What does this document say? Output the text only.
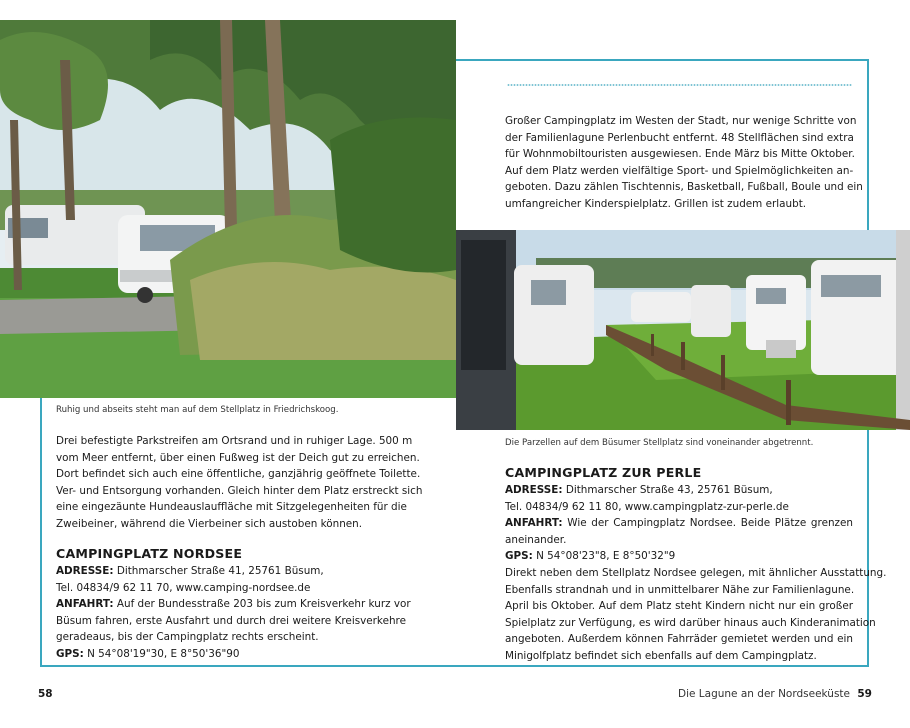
Ruhig und abseits steht man auf dem Stellplatz in Friedrichskoog.
Die Parzellen auf dem Büsumer Stellplatz sind voneinander abgetrennt.
Großer Campingplatz im Westen der Stadt, nur wenige Schritte von
der Familienlagune Perlenbucht entfernt. 48 Stellflächen sind extra
für Wohnmobiltouristen ausgewiesen. Ende März bis Mitte Oktober.
Auf dem Platz werden vielfältige Sport- und Spielmöglichkeiten an-
geboten. Dazu zählen Tischtennis, Basketball, Fußball, Boule und ein
umfangreicher Kinderspielplatz. Grillen ist zudem erlaubt.
Drei befestigte Parkstreifen am Ortsrand und in ruhiger Lage. 500 m
vom Meer entfernt, über einen Fußweg ist der Deich gut zu erreichen.
Dort befindet sich auch eine öffentliche, ganzjährig geöffnete Toilette.
Ver- und Entsorgung vorhanden. Gleich hinter dem Platz erstreckt sich
eine eingezäunte Hundeauslauffläche mit Sitzgelegenheiten für die
Zweibeiner, während die Vierbeiner sich austoben können.
CAMPINGPLATZ NORDSEE
ADRESSE: Dithmarscher Straße 41, 25761 Büsum,
Tel. 04834/9 62 11 70, www.camping-nordsee.de
ANFAHRT: Auf der Bundesstraße 203 bis zum Kreisverkehr kurz vor
Büsum fahren, erste Ausfahrt und durch drei weitere Kreisverkehre
geradeaus, bis der Campingplatz rechts erscheint.
GPS: N 54°08'19"30, E 8°50'36"90
CAMPINGPLATZ ZUR PERLE
ADRESSE: Dithmarscher Straße 43, 25761 Büsum,
Tel. 04834/9 62 11 80, www.campingplatz-zur-perle.de
ANFAHRT: Wie der Campingplatz Nordsee. Beide Plätze grenzen
aneinander.
GPS: N 54°08'23"8, E 8°50'32"9
Direkt neben dem Stellplatz Nordsee gelegen, mit ähnlicher Ausstattung.
Ebenfalls strandnah und in unmittelbarer Nähe zur Familienlagune.
April bis Oktober. Auf dem Platz steht Kindern nicht nur ein großer
Spielplatz zur Verfügung, es wird darüber hinaus auch Kinderanimation
angeboten. Außerdem können Fahrräder gemietet werden und ein
Minigolfplatz befindet sich ebenfalls auf dem Campingplatz.
58	Die Lagune an der Nordseeküste 59
